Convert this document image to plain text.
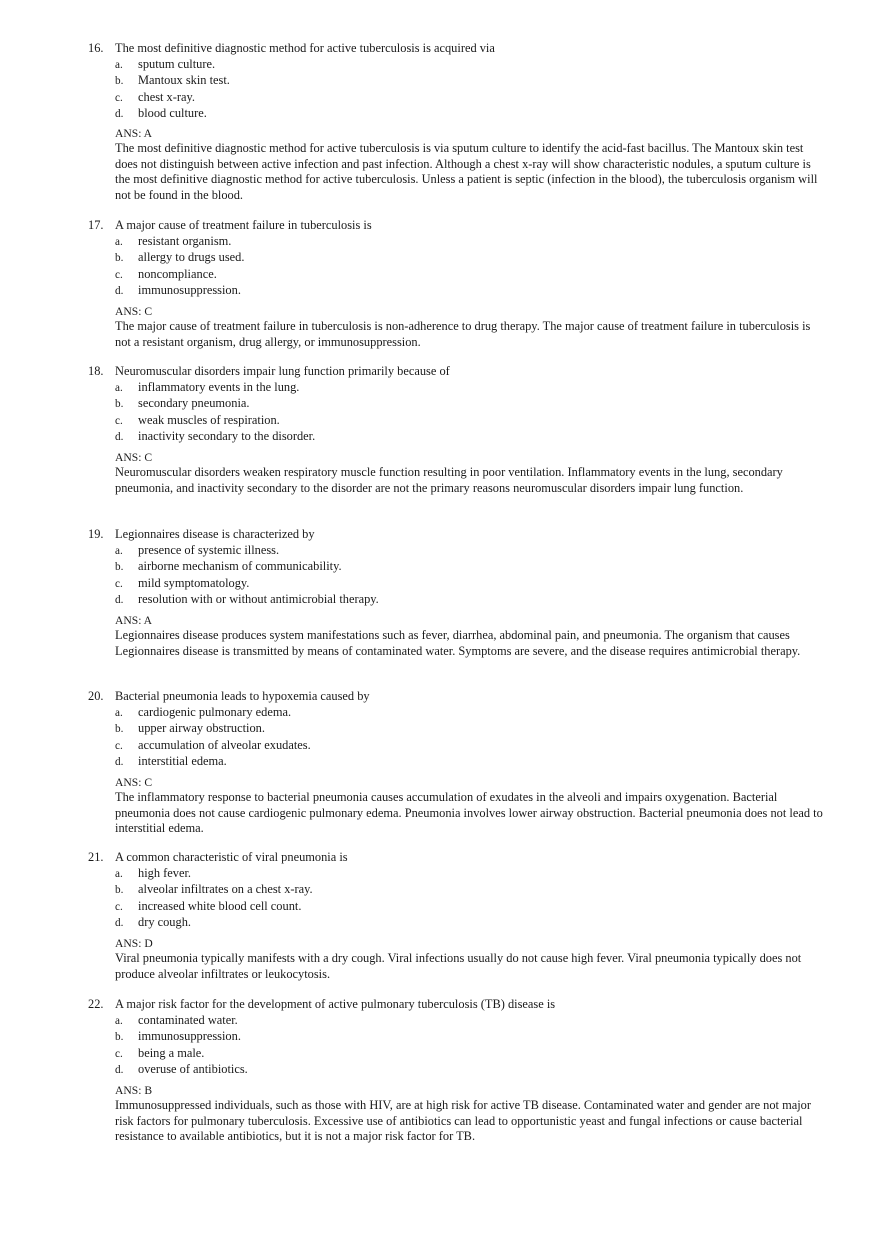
16. The most definitive diagnostic method for active tuberculosis is acquired via
a. sputum culture.
b. Mantoux skin test.
c. chest x-ray.
d. blood culture.
ANS: A
The most definitive diagnostic method for active tuberculosis is via sputum culture to identify the acid-fast bacillus. The Mantoux skin test does not distinguish between active infection and past infection. Although a chest x-ray will show characteristic nodules, a sputum culture is the most definitive diagnostic method for active tuberculosis. Unless a patient is septic (infection in the blood), the tuberculosis organism will not be found in the blood.
17. A major cause of treatment failure in tuberculosis is
a. resistant organism.
b. allergy to drugs used.
c. noncompliance.
d. immunosuppression.
ANS: C
The major cause of treatment failure in tuberculosis is non-adherence to drug therapy. The major cause of treatment failure in tuberculosis is not a resistant organism, drug allergy, or immunosuppression.
18. Neuromuscular disorders impair lung function primarily because of
a. inflammatory events in the lung.
b. secondary pneumonia.
c. weak muscles of respiration.
d. inactivity secondary to the disorder.
ANS: C
Neuromuscular disorders weaken respiratory muscle function resulting in poor ventilation. Inflammatory events in the lung, secondary pneumonia, and inactivity secondary to the disorder are not the primary reasons neuromuscular disorders impair lung function.
19. Legionnaires disease is characterized by
a. presence of systemic illness.
b. airborne mechanism of communicability.
c. mild symptomatology.
d. resolution with or without antimicrobial therapy.
ANS: A
Legionnaires disease produces system manifestations such as fever, diarrhea, abdominal pain, and pneumonia. The organism that causes Legionnaires disease is transmitted by means of contaminated water. Symptoms are severe, and the disease requires antimicrobial therapy.
20. Bacterial pneumonia leads to hypoxemia caused by
a. cardiogenic pulmonary edema.
b. upper airway obstruction.
c. accumulation of alveolar exudates.
d. interstitial edema.
ANS: C
The inflammatory response to bacterial pneumonia causes accumulation of exudates in the alveoli and impairs oxygenation. Bacterial pneumonia does not cause cardiogenic pulmonary edema. Pneumonia involves lower airway obstruction. Bacterial pneumonia does not lead to interstitial edema.
21. A common characteristic of viral pneumonia is
a. high fever.
b. alveolar infiltrates on a chest x-ray.
c. increased white blood cell count.
d. dry cough.
ANS: D
Viral pneumonia typically manifests with a dry cough. Viral infections usually do not cause high fever. Viral pneumonia typically does not produce alveolar infiltrates or leukocytosis.
22. A major risk factor for the development of active pulmonary tuberculosis (TB) disease is
a. contaminated water.
b. immunosuppression.
c. being a male.
d. overuse of antibiotics.
ANS: B
Immunosuppressed individuals, such as those with HIV, are at high risk for active TB disease. Contaminated water and gender are not major risk factors for pulmonary tuberculosis. Excessive use of antibiotics can lead to opportunistic yeast and fungal infections or cause bacterial resistance to available antibiotics, but it is not a major risk factor for TB.
